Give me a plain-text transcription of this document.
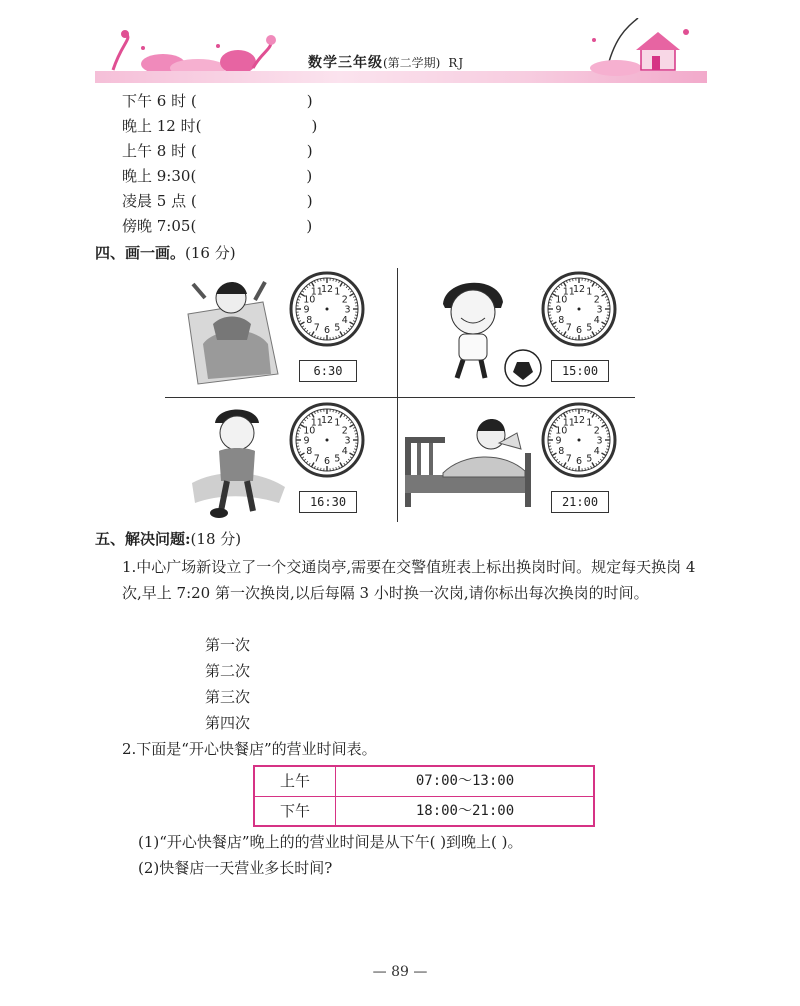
数学三年级(第二学期) RJ
下午 6 时 (	)
晚上 12 时(	)
上午 8 时 (	)
晚上 9:30(	)
凌晨 5 点 (	)
傍晚 7:05(	)
四、画一画。(16 分)
12 1
2
3
4
5
6
7
8
9
10
11
6:30
12 1
2
3
4
5
6
7
8
9
10
11
15:00
12 1
2
3
4
5
6
7
8
9
10
11
16:30
12 1
2
3
4
5
6
7
8
9
10
11
21:00
五、解决问题:(18 分)
1.中心广场新设立了一个交通岗亭,需要在交警值班表上标出换岗时间。规定每天换岗 4 次,早上 7:20 第一次换岗,以后每隔 3 小时换一次岗,请你标出每次换岗的时间。
第一次
第二次
第三次
第四次
2.下面是“开心快餐店”的营业时间表。
上午	07:00～13:00
下午	18:00～21:00
(1)“开心快餐店”晚上的的营业时间是从下午( )到晚上( )。
(2)快餐店一天营业多长时间?
— 89 —
